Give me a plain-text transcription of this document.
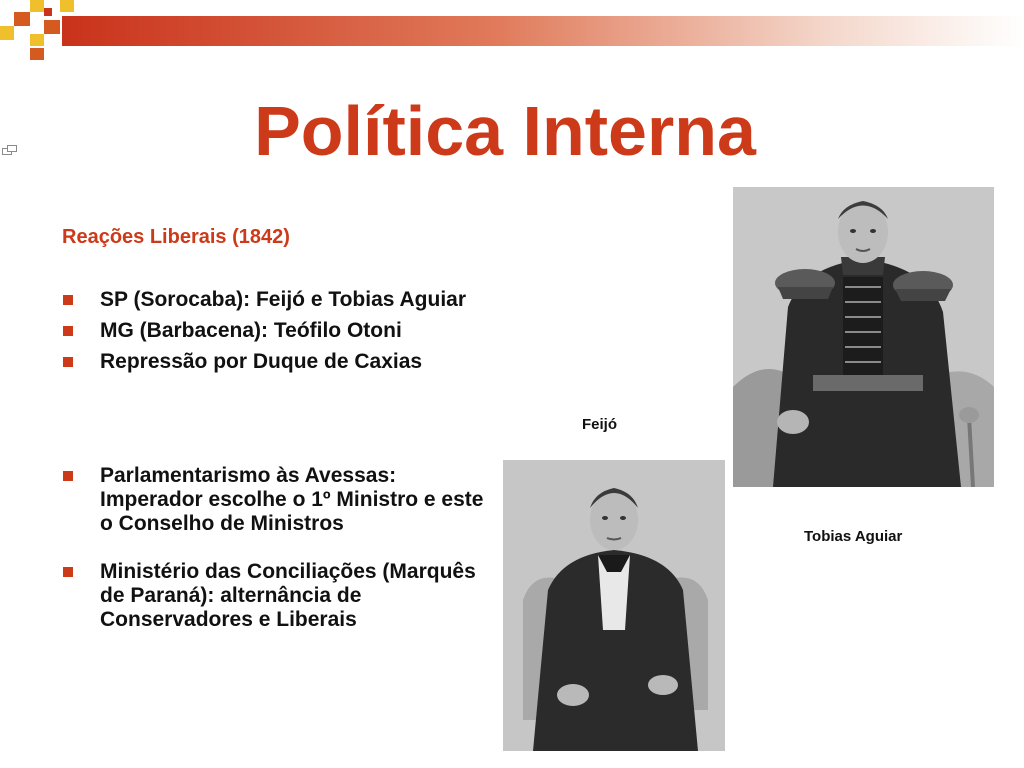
Política Interna
Reações Liberais (1842)
SP (Sorocaba): Feijó e Tobias Aguiar
MG (Barbacena): Teófilo Otoni
Repressão por Duque de Caxias
Parlamentarismo às Avessas: Imperador escolhe o 1º Ministro e este o Conselho de Ministros
Ministério das Conciliações (Marquês de Paraná): alternância de Conservadores e Liberais
Feijó
Tobias Aguiar
